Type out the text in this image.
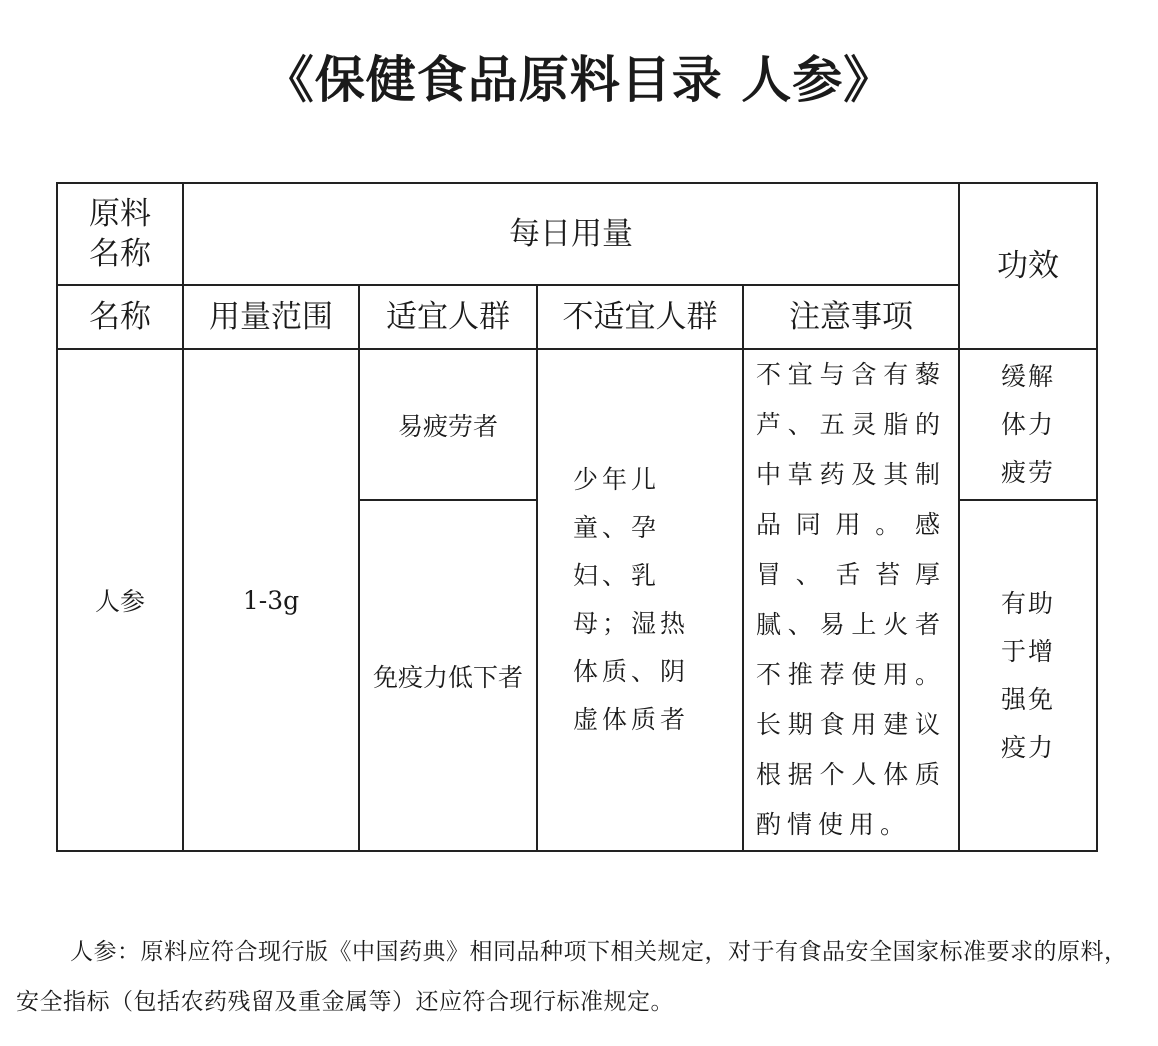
《保健食品原料目录 人参》
原料名称	每日用量				功效

名称	用量范围	适宜人群	不适宜人群	注意事项	

人参	1-3g	易疲劳者	少年儿童、孕妇、乳母；湿热体质、阴虚体质者	不宜与含有藜芦、五灵脂的中草药及其制品同用。感冒、舌苔厚腻、易上火者不推荐使用。长期食用建议根据个人体质酌情使用。	缓解体力疲劳

		免疫力低下者			有助于增强免疫力

人参：原料应符合现行版《中国药典》相同品种项下相关规定，对于有食品安全国家标准要求的原料，安全指标（包括农药残留及重金属等）还应符合现行标准规定。
